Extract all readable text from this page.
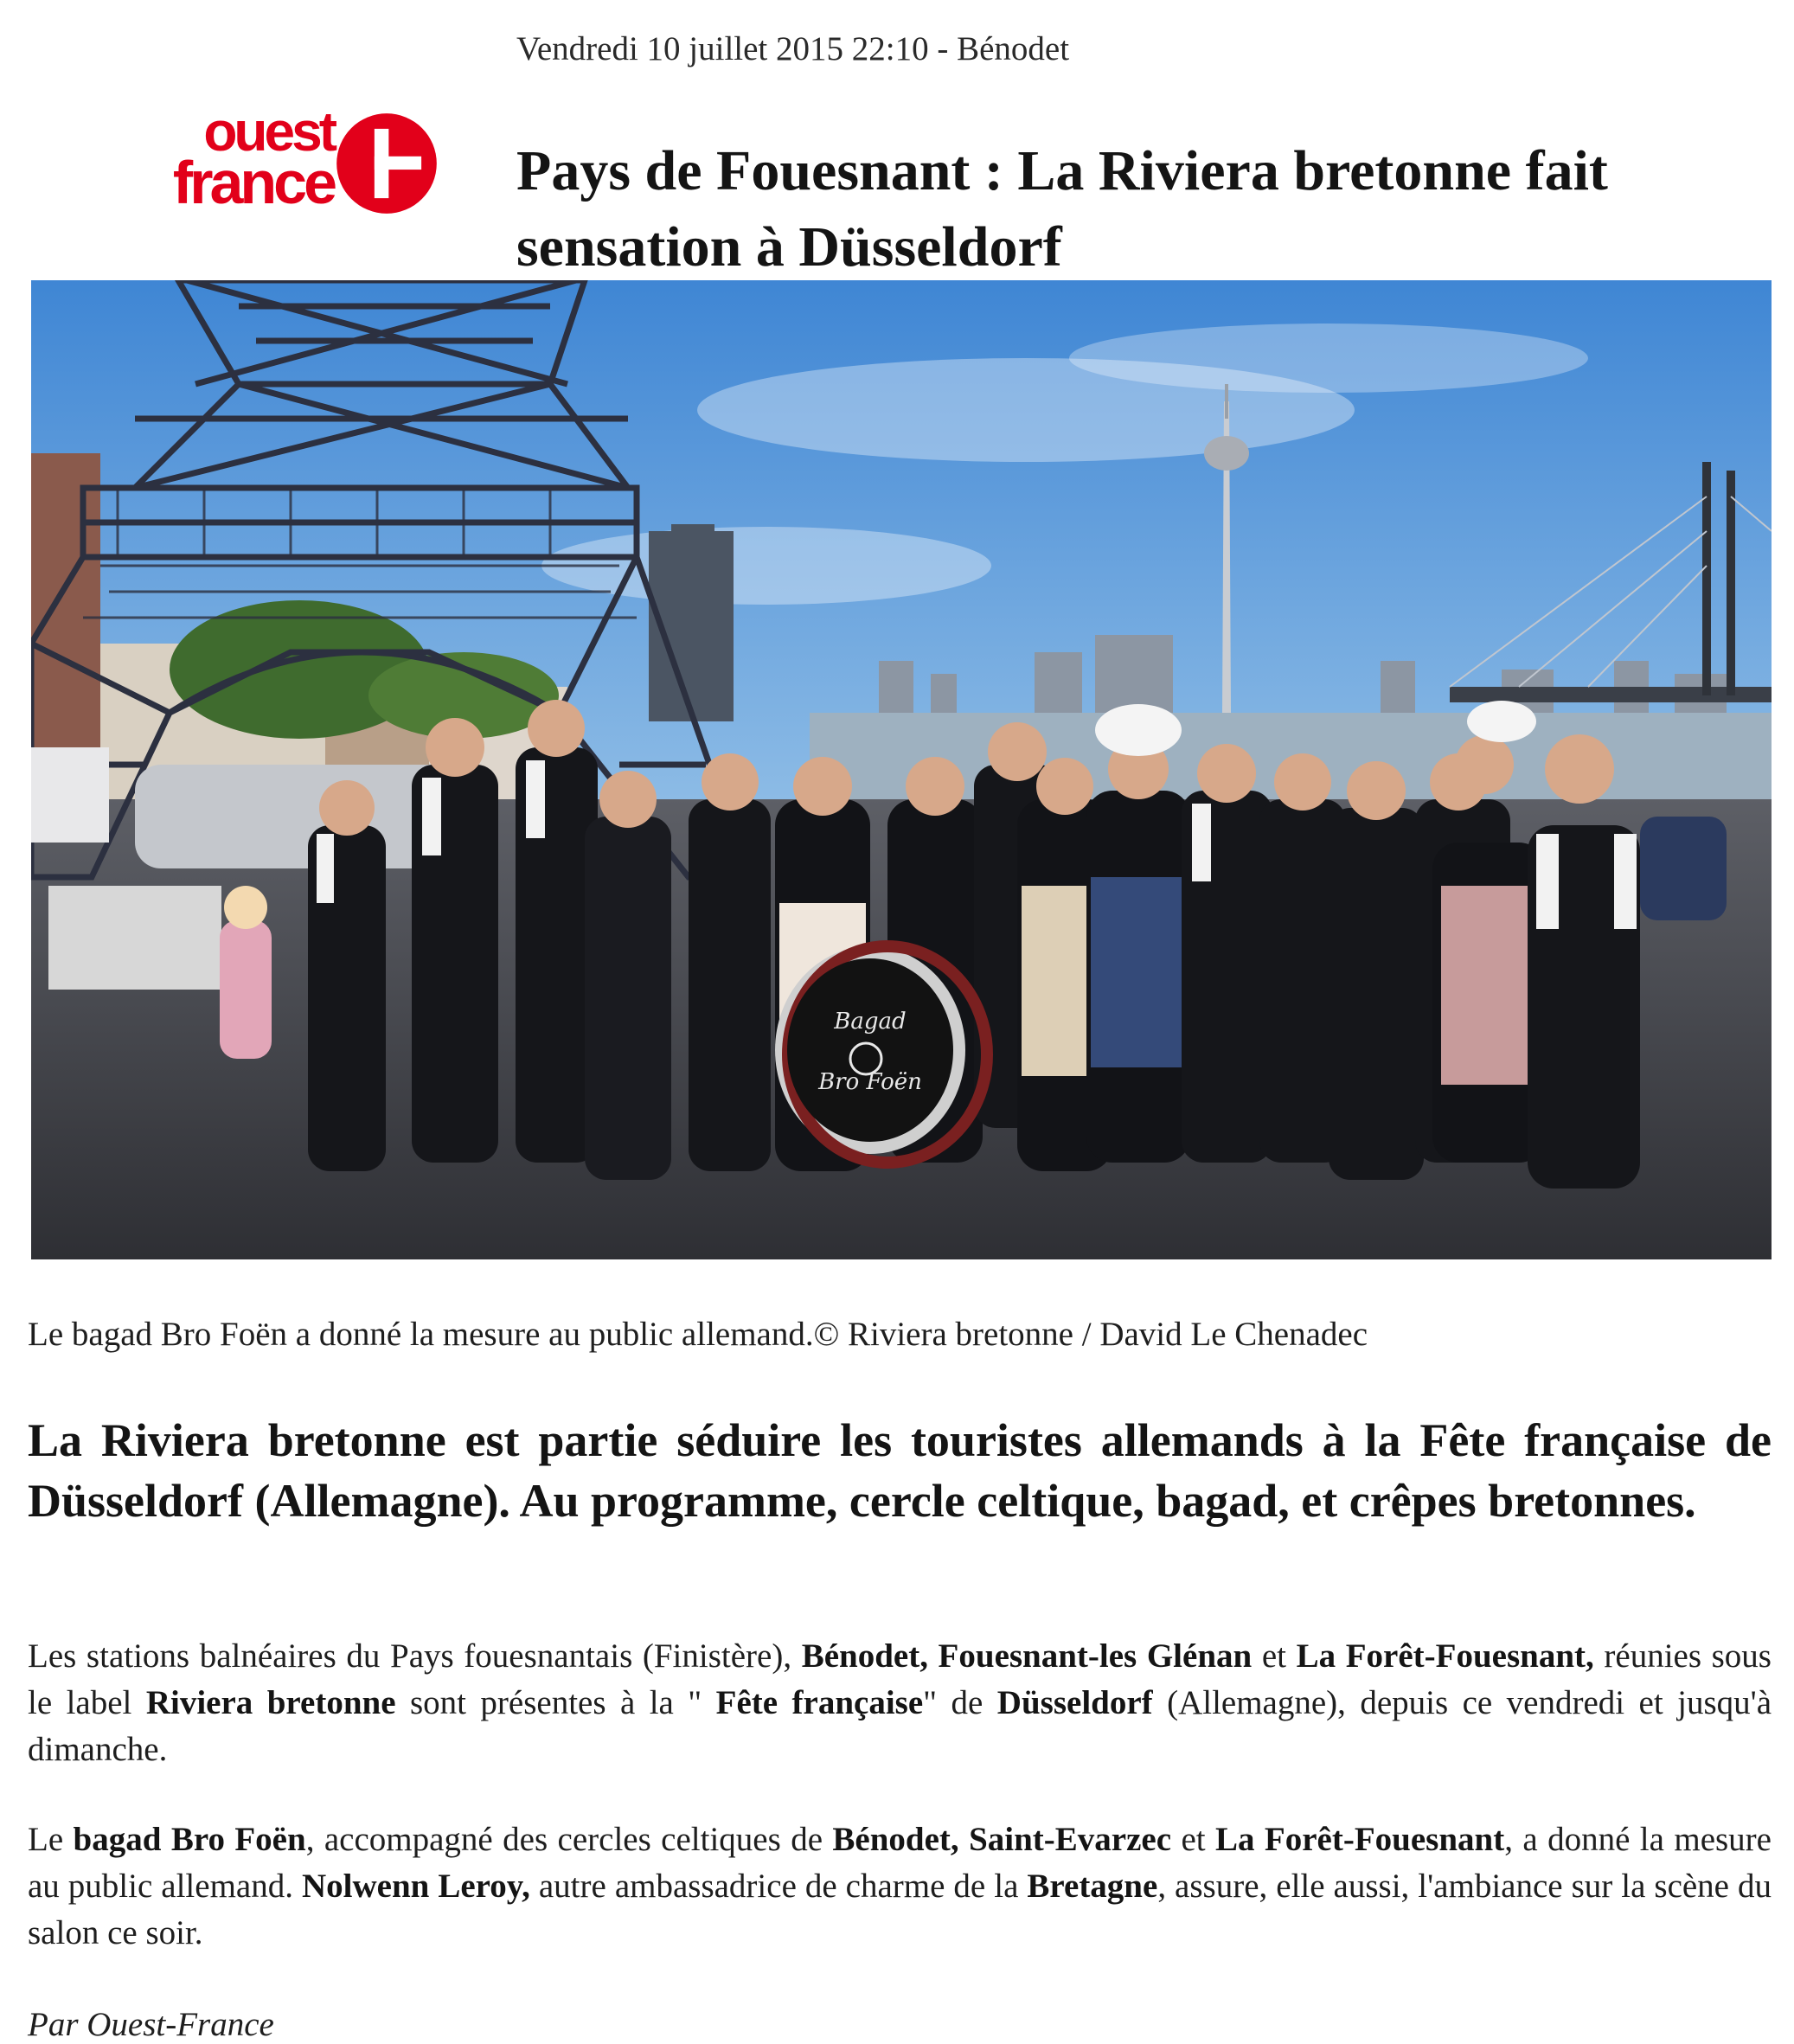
Vendredi 10 juillet 2015 22:10 - Bénodet
ouest
france	Pays de Fouesnant : La Riviera bretonne fait sensation à Düsseldorf
Bagad
Bro Foën
Le bagad Bro Foën a donné la mesure au public allemand.© Riviera bretonne / David Le Chenadec

La Riviera bretonne est partie séduire les touristes allemands à la Fête française de Düsseldorf (Allemagne). Au programme, cercle celtique, bagad, et crêpes bretonnes.

Les stations balnéaires du Pays fouesnantais (Finistère), Bénodet, Fouesnant-les Glénan et La Forêt-Fouesnant, réunies sous le label Riviera bretonne sont présentes à la " Fête française" de Düsseldorf (Allemagne), depuis ce vendredi et jusqu'à dimanche.

Le bagad Bro Foën, accompagné des cercles celtiques de Bénodet, Saint-Evarzec et La Forêt-Fouesnant, a donné la mesure au public allemand. Nolwenn Leroy, autre ambassadrice de charme de la Bretagne, assure, elle aussi, l'ambiance sur la scène du salon ce soir.

Par Ouest-France
